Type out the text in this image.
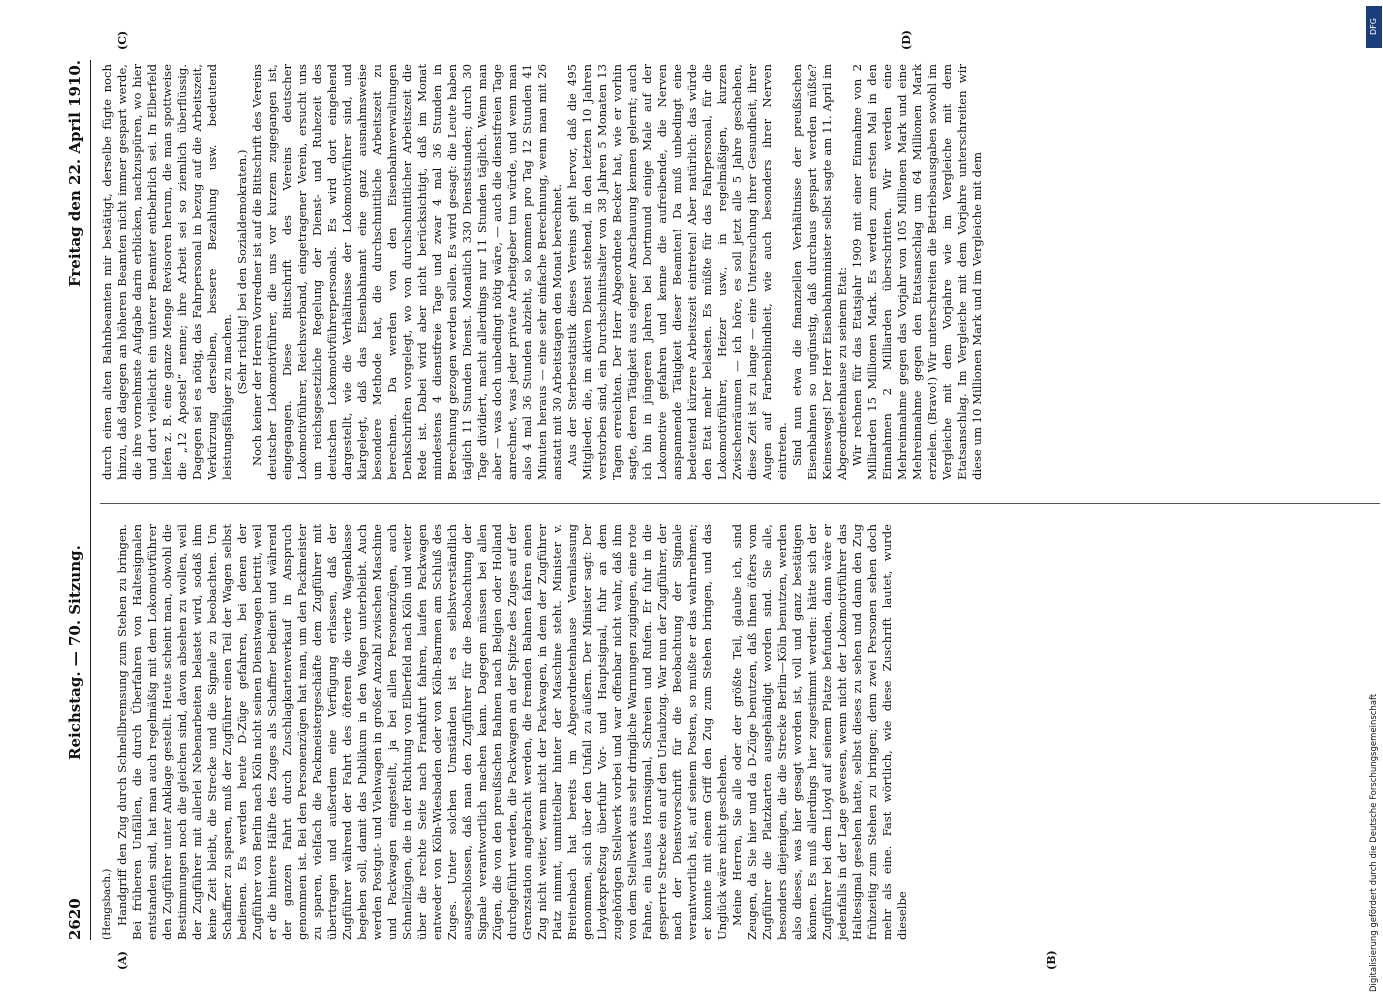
2620
Reichstag. — 70. Sitzung.
Freitag den 22. April 1910.
(A)	(B)
(C)	(D)

(Hengsbach.) Handgriff den Zug durch Schnellbremsung zum Stehen zu bringen. Bei früheren Unfällen, die durch Überfahren von Haltesignalen entstanden sind, hat man auch regelmäßig mit dem Lokomotivführer den Zugführer unter Anklage gestellt. Heute scheint man, obwohl die Bestimmungen noch die gleichen sind, davon absehen zu wollen, weil der Zugführer mit allerlei Nebenarbeiten belastet wird, sodaß ihm keine Zeit bleibt, die Strecke und die Signale zu beobachten. Um Schaffner zu sparen, muß der Zugführer einen Teil der Wagen selbst bedienen. Es werden heute D-Züge gefahren, bei denen der Zugführer von Berlin nach Köln nicht seinen Dienstwagen betritt, weil er die hintere Hälfte des Zuges als Schaffner bedient und während der ganzen Fahrt durch Zuschlagkartenverkauf in Anspruch genommen ist. Bei den Personenzügen hat man, um den Packmeister zu sparen, vielfach die Packmeistergeschäfte dem Zugführer mit übertragen und außerdem eine Verfügung erlassen, daß der Zugführer während der Fahrt des öfteren die vierte Wagenklasse begehen soll, damit das Publikum in den Wagen unterbleibt. Auch werden Postgut- und Viehwagen in großer Anzahl zwischen Maschine und Packwagen eingestellt, ja bei allen Personenzügen, auch Schnellzügen, die in der Richtung von Elberfeld nach Köln und weiter über die rechte Seite nach Frankfurt fahren, laufen Packwagen entweder von Köln-Wiesbaden oder von Köln-Barmen am Schluß des Zuges. Unter solchen Umständen ist es selbstverständlich ausgeschlossen, daß man den Zugführer für die Beobachtung der Signale verantwortlich machen kann. Dagegen müssen bei allen Zügen, die von den preußischen Bahnen nach Belgien oder Holland durchgeführt werden, die Packwagen an der Spitze des Zuges auf der Grenzstation angebracht werden, die fremden Bahnen fahren einen Zug nicht weiter, wenn nicht der Packwagen, in dem der Zugführer Platz nimmt, unmittelbar hinter der Maschine steht. Minister v. Breitenbach hat bereits im Abgeordnetenhause Veranlassung genommen, sich über den Unfall zu äußern. Der Minister sagt: Der Lloydexpreßzug überfuhr Vor- und Hauptsignal, fuhr an dem zugehörigen Stellwerk vorbei und war offenbar nicht wahr, daß ihm von dem Stellwerk aus sehr dringliche Warnungen zugingen, eine rote Fahne, ein lautes Hornsignal, Schreien und Rufen. Er fuhr in die gesperrte Strecke ein auf den Urlaubzug. War nun der Zugführer, der nach der Dienstvorschrift für die Beobachtung der Signale verantwortlich ist, auf seinem Posten, so mußte er das wahrnehmen; er konnte mit einem Griff den Zug zum Stehen bringen, und das Unglück wäre nicht geschehen. Meine Herren, Sie alle oder der größte Teil, glaube ich, sind Zeugen, da Sie hier und da D-Züge benutzen, daß Ihnen öfters vom Zugführer die Platzkarten ausgehändigt worden sind. Sie alle, besonders diejenigen, die die Strecke Berlin—Köln benutzen, werden also dieses, was hier gesagt worden ist, voll und ganz bestätigen können. Es muß allerdings hier zugestimmt werden: hätte sich der Zugführer bei dem Lloyd auf seinem Platze befunden, dann wäre er jedenfalls in der Lage gewesen, wenn nicht der Lokomotivführer das Haltesignal gesehen hatte, selbst dieses zu sehen und dann den Zug frühzeitig zum Stehen zu bringen; denn zwei Personen sehen doch mehr als eine. Fast wörtlich, wie diese Zuschrift lautet, wurde dieselbe

durch einen alten Bahnbeamten mir bestätigt, derselbe fügte noch hinzu, daß dagegen an höheren Beamten nicht immer gespart werde, die ihre vornehmste Aufgabe darin erblicken, nachzuspüren, wo hier und dort vielleicht ein unterer Beamter entbehrlich sei. In Elberfeld liefen z. B. eine ganze Menge Revisoren herum, die man spottweise die „12 Apostel“ nenne; ihre Arbeit sei so ziemlich überflüssig. Dagegen sei es nötig, das Fahrpersonal in bezug auf die Arbeitszeit, Verkürzung derselben, bessere Bezahlung usw. bedeutend leistungsfähiger zu machen.

(Sehr richtig! bei den Sozialdemokraten.) Noch keiner der Herren Vorredner ist auf die Bittschrift des Vereins deutscher Lokomotivführer, die uns vor kurzem zugegangen ist, eingegangen. Diese Bittschrift des Vereins deutscher Lokomotivführer, Reichsverband, eingetragener Verein, ersucht uns um reichsgesetzliche Regelung der Dienst- und Ruhezeit des deutschen Lokomotivführerpersonals. Es wird dort eingehend dargestellt, wie die Verhältnisse der Lokomotivführer sind, und klargelegt, daß das Eisenbahnamt eine ganz ausnahmsweise besondere Methode hat, die durchschnittliche Arbeitszeit zu berechnen. Da werden von den Eisenbahnverwaltungen Denkschriften vorgelegt, wo von durchschnittlicher Arbeitszeit die Rede ist. Dabei wird aber nicht berücksichtigt, daß im Monat mindestens 4 dienstfreie Tage und zwar 4 mal 36 Stunden in Berechnung gezogen werden sollen. Es wird gesagt: die Leute haben täglich 11 Stunden Dienst. Monatlich 330 Dienststunden; durch 30 Tage dividiert, macht allerdings nur 11 Stunden täglich. Wenn man aber — was doch unbedingt nötig wäre, — auch die dienstfreien Tage anrechnet, was jeder private Arbeitgeber tun würde, und wenn man also 4 mal 36 Stunden abzieht, so kommen pro Tag 12 Stunden 41 Minuten heraus — eine sehr einfache Berechnung, wenn man mit 26 anstatt mit 30 Arbeitstagen den Monat berechnet. Aus der Sterbestatistik dieses Vereins geht hervor, daß die 495 Mitglieder, die, im aktiven Dienst stehend, in den letzten 10 Jahren verstorben sind, ein Durchschnittsalter von 38 Jahren 5 Monaten 13 Tagen erreichten. Der Herr Abgeordnete Becker hat, wie er vorhin sagte, deren Tätigkeit aus eigener Anschauung kennen gelernt; auch ich bin in jüngeren Jahren bei Dortmund einige Male auf der Lokomotive gefahren und kenne die aufreibende, die Nerven anspannende Tätigkeit dieser Beamten! Da muß unbedingt eine bedeutend kürzere Arbeitszeit eintreten! Aber natürlich: das würde den Etat mehr belasten. Es müßte für das Fahrpersonal, für die Lokomotivführer, Heizer usw., in regelmäßigen, kurzen Zwischenräumen — ich höre, es soll jetzt alle 5 Jahre geschehen, diese Zeit ist zu lange — eine Untersuchung ihrer Gesundheit, ihrer Augen auf Farbenblindheit, wie auch besonders ihrer Nerven eintreten. Sind nun etwa die finanziellen Verhältnisse der preußischen Eisenbahnen so ungünstig, daß durchaus gespart werden müßte? Keineswegs! Der Herr Eisenbahnminister selbst sagte am 11. April im Abgeordnetenhause zu seinem Etat: Wir rechnen für das Etatsjahr 1909 mit einer Einnahme von 2 Milliarden 15 Millionen Mark. Es werden zum ersten Mal in den Einnahmen 2 Milliarden überschritten. Wir werden eine Mehreinnahme gegen das Vorjahr von 105 Millionen Mark und eine Mehreinnahme gegen den Etatsanschlag um 64 Millionen Mark erzielen. (Bravo!) Wir unterschreiten die Betriebsausgaben sowohl im Vergleiche mit dem Vorjahre wie im Vergleiche mit dem Etatsanschlag. Im Vergleiche mit dem Vorjahre unterschreiten wir diese um 10 Millionen Mark und im Vergleiche mit dem

Digitalisierung gefördert durch die Deutsche Forschungsgemeinschaft
DFG
